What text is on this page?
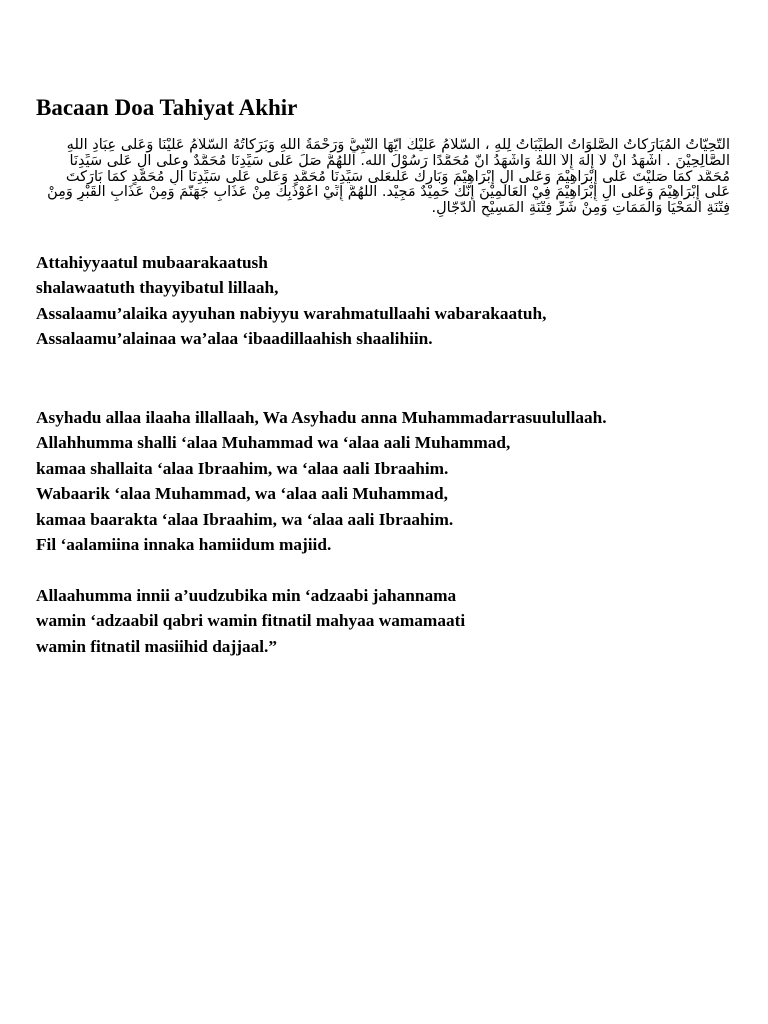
Bacaan Doa Tahiyat Akhir
التَّحِيَّاتُ الْمُبَارَكَاتُ الصَّلَوَاتُ الطَّيِّبَاتُ لِلهِ ، السَّلاَمُ عَلَيْكَ أَيُّهَا النَّبِيُّ وَرَحْمَةُ اللهِ وَبَرَكَاتُهُ السَّلاَمُ عَلَيْنَا وَعَلَى عِبَادِ اللهِ
الصَّالِحِيْنَ . أَشْهَدُ أَنْ لاَ إِلَهَ إِلاَّ اللهُ وَأَشْهَدُ أَنَّ مُحَمَّدًا رَسُوْلُ الله. اَللَّهُمَّ صَلِّ عَلَى سَيِّدِنَا مُحَمَّدٌ وعلى آلِ عَلَى سَيِّدِنَا
مُحَمَّد كَمَا صَلَّيْتَ عَلَى إِبْرَاهِيْمَ وَعَلَى آلِ إِبْرَاهِيْمَ وَبَارِكْ عَلَىعَلَى سَيِّدِنَا مُحَمَّدٍ وَعَلَى عَلَى سَيِّدِنَا آلِ مُحَمَّدٍ كَمَا بَارَكْتَ
عَلَى إِبْرَاهِيْمَ وَعَلَى آلِ إِبْرَاهِيْمَ فِيْ الْعَالَمِيْنَ إِنَّكَ حَمِيْدٌ مَجِيْد. اَللَّهُمَّ إِنِّيْ أَعُوْذُبِكَ مِنْ عَذَابِ جَهَنَّمَ وَمِنْ عَذَابِ الْقَبْرِ وَمِنْ
فِتْنَةِ الْمَحْيَا وَالْمَمَاتِ وَمِنْ شَرِّ فِتْنَةِ الْمَسِيْحِ الدَّجَّالِ.
Attahiyyaatul mubaarakaatush
shalawaatuth thayyibatul lillaah,
Assalaamu’alaika ayyuhan nabiyyu warahmatullaahi wabarakaatuh,
Assalaamu’alainaa wa’alaa ‘ibaadillaahish shaalihiin.
Asyhadu allaa ilaaha illallaah, Wa Asyhadu anna Muhammadarrasuulullaah.
Allahhumma shalli ‘alaa Muhammad wa ‘alaa aali Muhammad,
kamaa shallaita ‘alaa Ibraahim, wa ‘alaa aali Ibraahim.
Wabaarik ‘alaa Muhammad, wa ‘alaa aali Muhammad,
kamaa baarakta ‘alaa Ibraahim, wa ‘alaa aali Ibraahim.
Fil ‘aalamiina innaka hamiidum majiid.
Allaahumma innii a’uudzubika min ‘adzaabi jahannama
wamin ‘adzaabil qabri wamin fitnatil mahyaa wamamaati
wamin fitnatil masiihid dajjaal.”
